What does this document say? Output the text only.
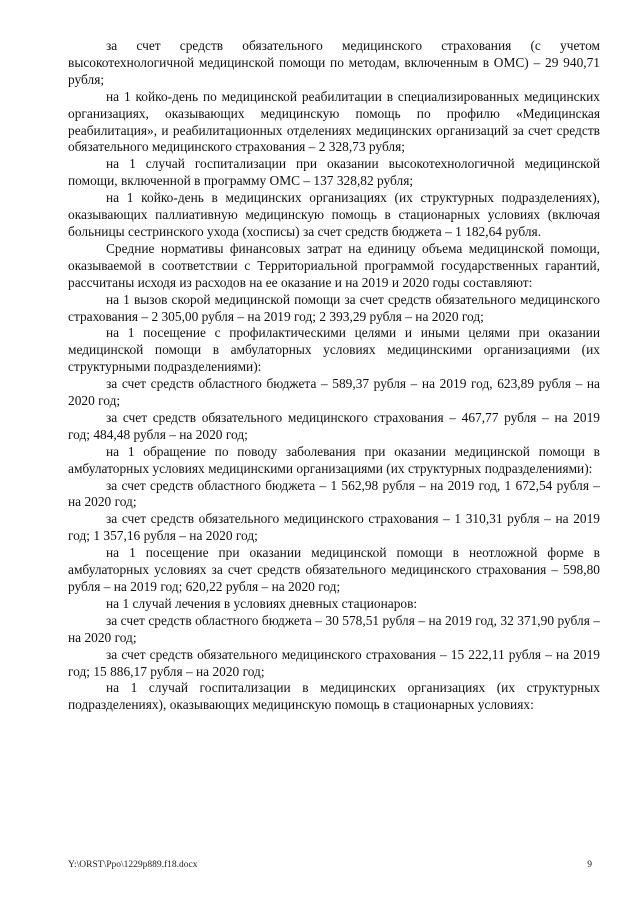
за счет средств обязательного медицинского страхования (с учетом высокотехнологичной медицинской помощи по методам, включенным в ОМС) – 29 940,71 рубля;

на 1 койко-день по медицинской реабилитации в специализированных медицинских организациях, оказывающих медицинскую помощь по профилю «Медицинская реабилитация», и реабилитационных отделениях медицинских организаций за счет средств обязательного медицинского страхования – 2 328,73 рубля;

на 1 случай госпитализации при оказании высокотехнологичной медицинской помощи, включенной в программу ОМС – 137 328,82 рубля;

на 1 койко-день в медицинских организациях (их структурных подразделениях), оказывающих паллиативную медицинскую помощь в стационарных условиях (включая больницы сестринского ухода (хосписы) за счет средств бюджета – 1 182,64 рубля.

Средние нормативы финансовых затрат на единицу объема медицинской помощи, оказываемой в соответствии с Территориальной программой государственных гарантий, рассчитаны исходя из расходов на ее оказание и на 2019 и 2020 годы составляют:

на 1 вызов скорой медицинской помощи за счет средств обязательного медицинского страхования – 2 305,00 рубля – на 2019 год; 2 393,29 рубля – на 2020 год;

на 1 посещение с профилактическими целями и иными целями при оказании медицинской помощи в амбулаторных условиях медицинскими организациями (их структурными подразделениями):

за счет средств областного бюджета – 589,37 рубля – на 2019 год, 623,89 рубля – на 2020 год;

за счет средств обязательного медицинского страхования – 467,77 рубля – на 2019 год; 484,48 рубля – на 2020 год;

на 1 обращение по поводу заболевания при оказании медицинской помощи в амбулаторных условиях медицинскими организациями (их структурных подразделениями):

за счет средств областного бюджета – 1 562,98 рубля – на 2019 год, 1 672,54 рубля – на 2020 год;

за счет средств обязательного медицинского страхования – 1 310,31 рубля – на 2019 год; 1 357,16 рубля – на 2020 год;

на 1 посещение при оказании медицинской помощи в неотложной форме в амбулаторных условиях за счет средств обязательного медицинского страхования – 598,80 рубля – на 2019 год; 620,22 рубля – на 2020 год;

на 1 случай лечения в условиях дневных стационаров:

за счет средств областного бюджета – 30 578,51 рубля – на 2019 год, 32 371,90 рубля – на 2020 год;

за счет средств обязательного медицинского страхования – 15 222,11 рубля – на 2019 год; 15 886,17 рубля – на 2020 год;

на 1 случай госпитализации в медицинских организациях (их структурных подразделениях), оказывающих медицинскую помощь в стационарных условиях:

Y:\ORST\Ppo\1229p889.f18.docx	9
